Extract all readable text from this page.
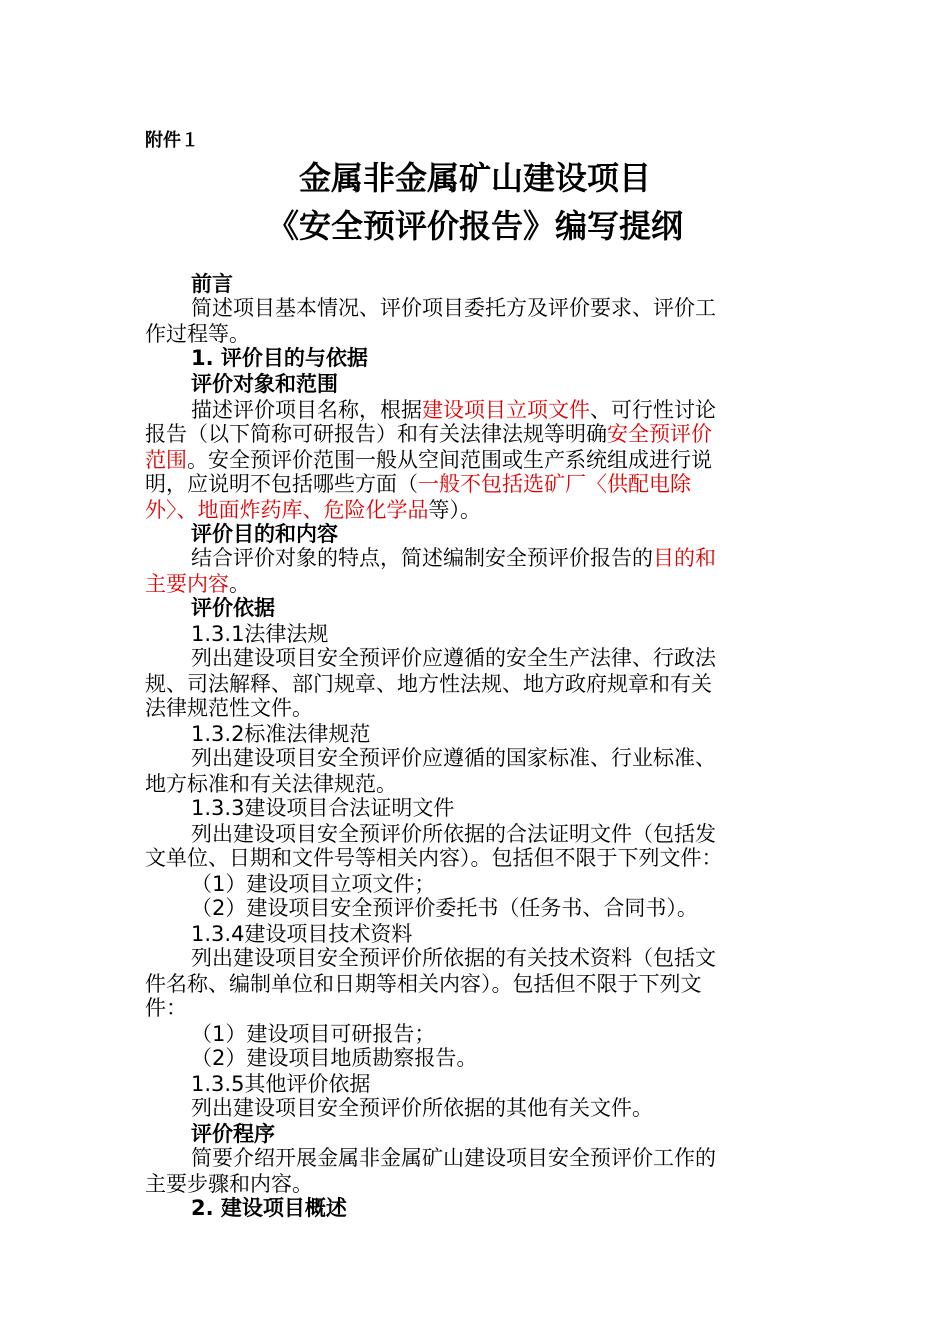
附件１
金属非金属矿山建设项目
《安全预评价报告》编写提纲
前言
简述项目基本情况、评价项目委托方及评价要求、评价工
作过程等。
1. 评价目的与依据
评价对象和范围
描述评价项目名称，根据建设项目立项文件、可行性讨论
报告（以下简称可研报告）和有关法律法规等明确安全预评价
范围。安全预评价范围一般从空间范围或生产系统组成进行说
明，应说明不包括哪些方面（一般不包括选矿厂〈供配电除
外〉、地面炸药库、危险化学品等）。
评价目的和内容
结合评价对象的特点，简述编制安全预评价报告的目的和
主要内容。
评价依据
1.3.1法律法规
列出建设项目安全预评价应遵循的安全生产法律、行政法
规、司法解释、部门规章、地方性法规、地方政府规章和有关
法律规范性文件。
1.3.2标准法律规范
列出建设项目安全预评价应遵循的国家标准、行业标准、
地方标准和有关法律规范。
1.3.3建设项目合法证明文件
列出建设项目安全预评价所依据的合法证明文件（包括发
文单位、日期和文件号等相关内容）。包括但不限于下列文件：
（1）建设项目立项文件；
（2）建设项目安全预评价委托书（任务书、合同书）。
1.3.4建设项目技术资料
列出建设项目安全预评价所依据的有关技术资料（包括文
件名称、编制单位和日期等相关内容）。包括但不限于下列文
件：
（1）建设项目可研报告；
（2）建设项目地质勘察报告。
1.3.5其他评价依据
列出建设项目安全预评价所依据的其他有关文件。
评价程序
简要介绍开展金属非金属矿山建设项目安全预评价工作的
主要步骤和内容。
2. 建设项目概述
